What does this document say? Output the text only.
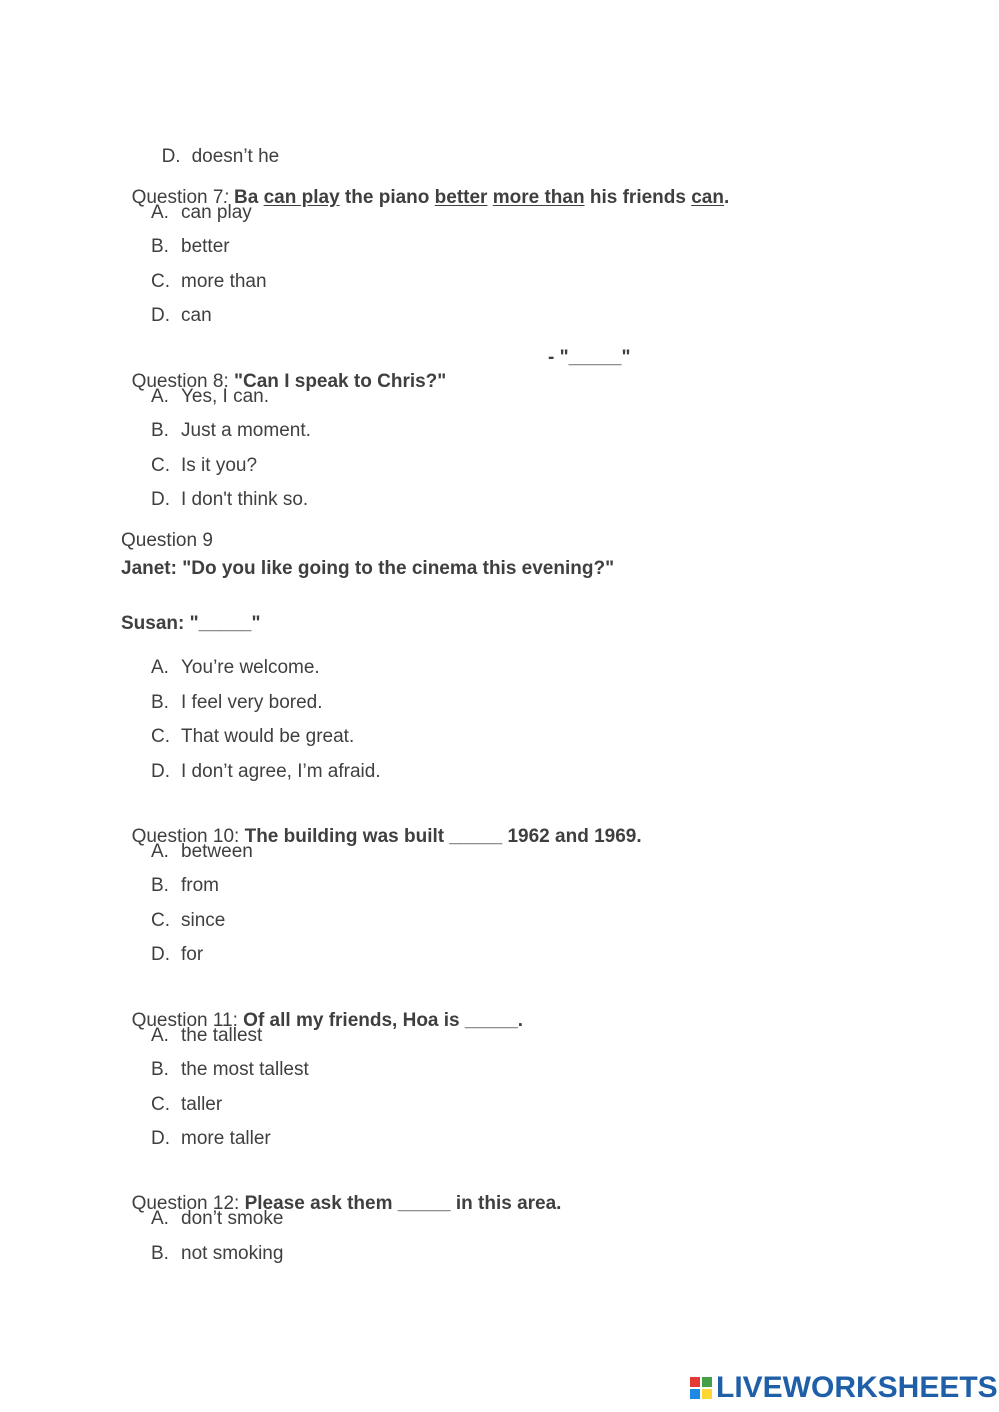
D. doesn’t he

Question 7: Ba can play the piano better more than his friends can.

A. can play
B. better
C. more than
D. can

Question 8: "Can I speak to Chris?"

- "_____"
A. Yes, I can.
B. Just a moment.
C. Is it you?
D. I don't think so.
Question 9
Janet: "Do you like going to the cinema this evening?"
Susan: "_____"
A. You’re welcome.
B. I feel very bored.
C. That would be great.
D. I don’t agree, I’m afraid.

Question 10: The building was built _____ 1962 and 1969.

A. between
B. from
C. since
D. for

Question 11: Of all my friends, Hoa is _____.

A. the tallest
B. the most tallest
C. taller
D. more taller

Question 12: Please ask them _____ in this area.

A. don’t smoke
B. not smoking
LIVEWORKSHEETS
